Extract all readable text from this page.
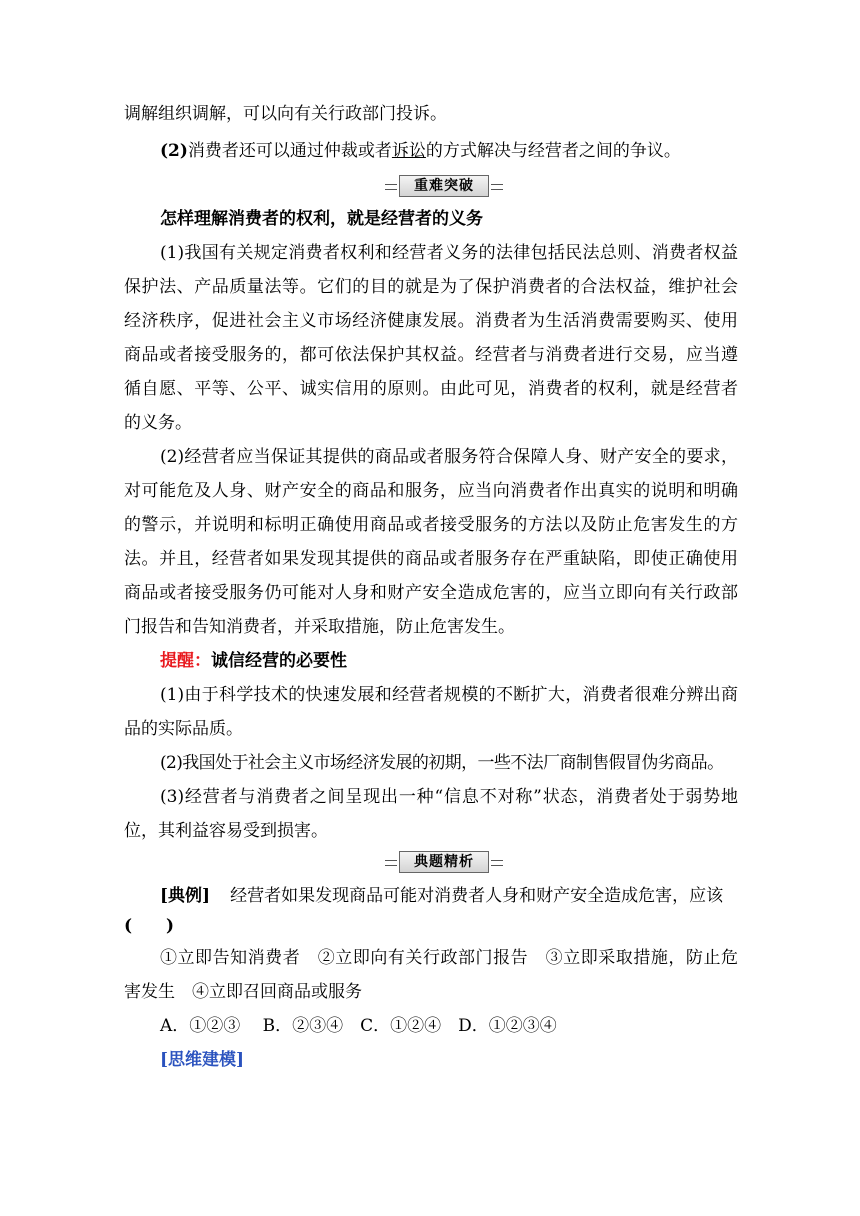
调解组织调解，可以向有关行政部门投诉。
(2)消费者还可以通过仲裁或者诉讼的方式解决与经营者之间的争议。
重难突破
怎样理解消费者的权利，就是经营者的义务
(1)我国有关规定消费者权利和经营者义务的法律包括民法总则、消费者权益
保护法、产品质量法等。它们的目的就是为了保护消费者的合法权益，维护社会
经济秩序，促进社会主义市场经济健康发展。消费者为生活消费需要购买、使用
商品或者接受服务的，都可依法保护其权益。经营者与消费者进行交易，应当遵
循自愿、平等、公平、诚实信用的原则。由此可见，消费者的权利，就是经营者
的义务。
(2)经营者应当保证其提供的商品或者服务符合保障人身、财产安全的要求，
对可能危及人身、财产安全的商品和服务，应当向消费者作出真实的说明和明确
的警示，并说明和标明正确使用商品或者接受服务的方法以及防止危害发生的方
法。并且，经营者如果发现其提供的商品或者服务存在严重缺陷，即使正确使用
商品或者接受服务仍可能对人身和财产安全造成危害的，应当立即向有关行政部
门报告和告知消费者，并采取措施，防止危害发生。
提醒：诚信经营的必要性
(1)由于科学技术的快速发展和经营者规模的不断扩大，消费者很难分辨出商
品的实际品质。
(2)我国处于社会主义市场经济发展的初期，一些不法厂商制售假冒伪劣商品。
(3)经营者与消费者之间呈现出一种“信息不对称”状态，消费者处于弱势地
位，其利益容易受到损害。
典题精析
[典例] 经营者如果发现商品可能对消费者人身和财产安全造成危害，应该
(　　)
①立即告知消费者　②立即向有关行政部门报告　③立即采取措施，防止危
害发生　④立即召回商品或服务
A．①②③　 B．②③④　C．①②④　D．①②③④
[思维建模]
